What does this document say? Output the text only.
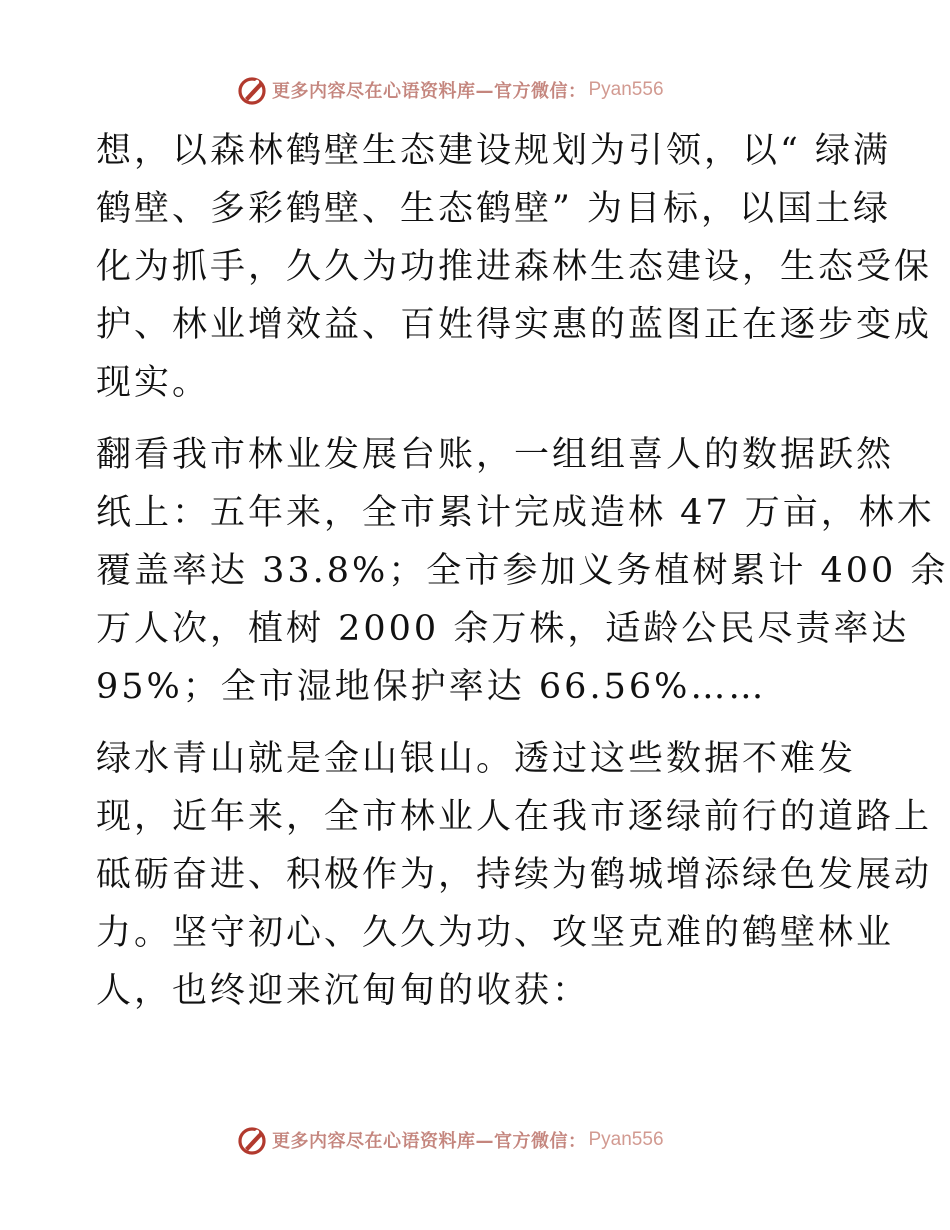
更多内容尽在心语资料库—官方微信： Pyan556
想，以森林鹤壁生态建设规划为引领，以“ 绿满
鹤壁、多彩鹤壁、生态鹤壁” 为目标，以国土绿
化为抓手，久久为功推进森林生态建设，生态受保
护、林业增效益、百姓得实惠的蓝图正在逐步变成
现实。
翻看我市林业发展台账，一组组喜人的数据跃然
纸上：五年来，全市累计完成造林 47 万亩，林木
覆盖率达 33.8%；全市参加义务植树累计 400 余
万人次，植树 2000 余万株，适龄公民尽责率达
95%；全市湿地保护率达 66.56%……
绿水青山就是金山银山。透过这些数据不难发
现，近年来，全市林业人在我市逐绿前行的道路上
砥砺奋进、积极作为，持续为鹤城增添绿色发展动
力。坚守初心、久久为功、攻坚克难的鹤壁林业
人，也终迎来沉甸甸的收获：
更多内容尽在心语资料库—官方微信： Pyan556
